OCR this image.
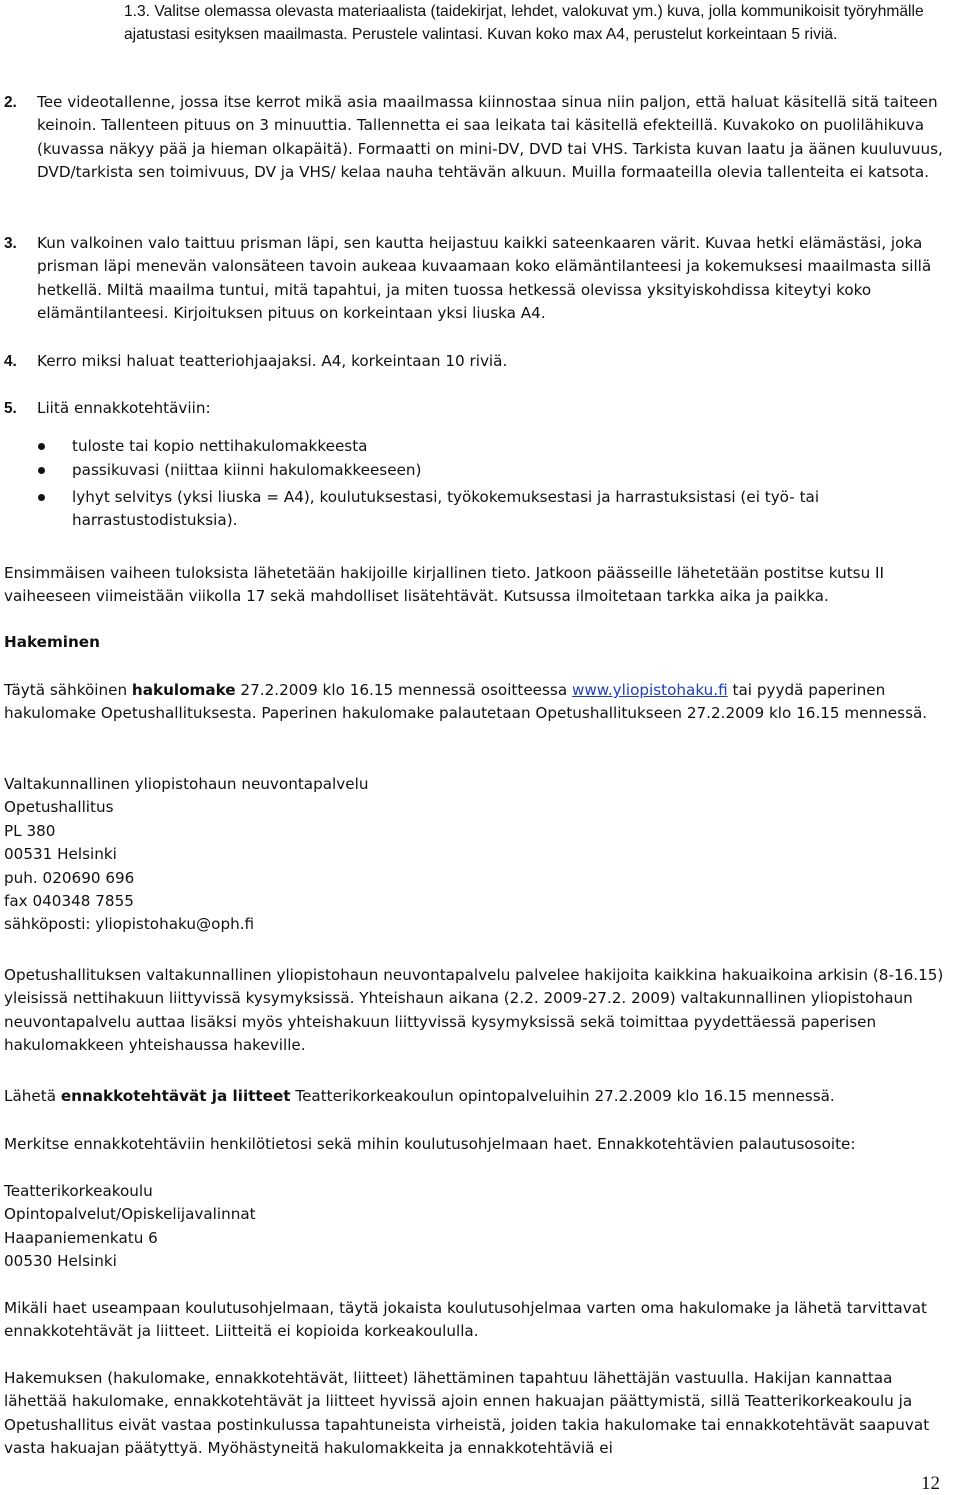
1.3. Valitse olemassa olevasta materiaalista (taidekirjat, lehdet, valokuvat ym.) kuva, jolla kommunikoisit työryhmälle ajatustasi esityksen maailmasta. Perustele valintasi. Kuvan koko max A4, perustelut korkeintaan 5 riviä.

2. Tee videotallenne, jossa itse kerrot mikä asia maailmassa kiinnostaa sinua niin paljon, että haluat käsitellä sitä taiteen keinoin. Tallenteen pituus on 3 minuuttia. Tallennetta ei saa leikata tai käsitellä efekteillä. Kuvakoko on puolilähikuva (kuvassa näkyy pää ja hieman olkapäitä). Formaatti on mini-DV, DVD tai VHS. Tarkista kuvan laatu ja äänen kuuluvuus, DVD/tarkista sen toimivuus, DV ja VHS/ kelaa nauha tehtävän alkuun. Muilla formaateilla olevia tallenteita ei katsota.

3. Kun valkoinen valo taittuu prisman läpi, sen kautta heijastuu kaikki sateenkaaren värit. Kuvaa hetki elämästäsi, joka prisman läpi menevän valonsäteen tavoin aukeaa kuvaamaan koko elämäntilanteesi ja kokemuksesi maailmasta sillä hetkellä. Miltä maailma tuntui, mitä tapahtui, ja miten tuossa hetkessä olevissa yksityiskohdissa kiteytyi koko elämäntilanteesi. Kirjoituksen pituus on korkeintaan yksi liuska A4.

4. Kerro miksi haluat teatteriohjaajaksi. A4, korkeintaan 10 riviä.

5. Liitä ennakkotehtäviin:

tuloste tai kopio nettihakulomakkeesta

passikuvasi (niittaa kiinni hakulomakkeeseen)

lyhyt selvitys (yksi liuska = A4), koulutuksestasi, työkokemuksestasi ja harrastuksistasi (ei työ- tai harrastustodistuksia).

Ensimmäisen vaiheen tuloksista lähetetään hakijoille kirjallinen tieto. Jatkoon päässeille lähetetään postitse kutsu II vaiheeseen viimeistään viikolla 17 sekä mahdolliset lisätehtävät. Kutsussa ilmoitetaan tarkka aika ja paikka.

Hakeminen

Täytä sähköinen hakulomake 27.2.2009 klo 16.15 mennessä osoitteessa www.yliopistohaku.fi tai pyydä paperinen hakulomake Opetushallituksesta. Paperinen hakulomake palautetaan Opetushallitukseen 27.2.2009 klo 16.15 mennessä.

Valtakunnallinen yliopistohaun neuvontapalvelu
Opetushallitus
PL 380
00531 Helsinki
puh. 020690 696
fax 040348 7855
sähköposti: yliopistohaku@oph.fi

Opetushallituksen valtakunnallinen yliopistohaun neuvontapalvelu palvelee hakijoita kaikkina hakuaikoina arkisin (8-16.15) yleisissä nettihakuun liittyvissä kysymyksissä. Yhteishaun aikana (2.2. 2009-27.2. 2009) valtakunnallinen yliopistohaun neuvontapalvelu auttaa lisäksi myös yhteishakuun liittyvissä kysymyksissä sekä toimittaa pyydettäessä paperisen hakulomakkeen yhteishaussa hakeville.

Lähetä ennakkotehtävät ja liitteet Teatterikorkeakoulun opintopalveluihin 27.2.2009 klo 16.15 mennessä.

Merkitse ennakkotehtäviin henkilötietosi sekä mihin koulutusohjelmaan haet. Ennakkotehtävien palautusosoite:

Teatterikorkeakoulu
Opintopalvelut/Opiskelijavalinnat
Haapaniemenkatu 6
00530 Helsinki

Mikäli haet useampaan koulutusohjelmaan, täytä jokaista koulutusohjelmaa varten oma hakulomake ja lähetä tarvittavat ennakkotehtävät ja liitteet. Liitteitä ei kopioida korkeakoululla.

Hakemuksen (hakulomake, ennakkotehtävät, liitteet) lähettäminen tapahtuu lähettäjän vastuulla. Hakijan kannattaa lähettää hakulomake, ennakkotehtävät ja liitteet hyvissä ajoin ennen hakuajan päättymistä, sillä Teatterikorkeakoulu ja Opetushallitus eivät vastaa postinkulussa tapahtuneista virheistä, joiden takia hakulomake tai ennakkotehtävät saapuvat vasta hakuajan päätyttyä. Myöhästyneitä hakulomakkeita ja ennakkotehtäviä ei

12
